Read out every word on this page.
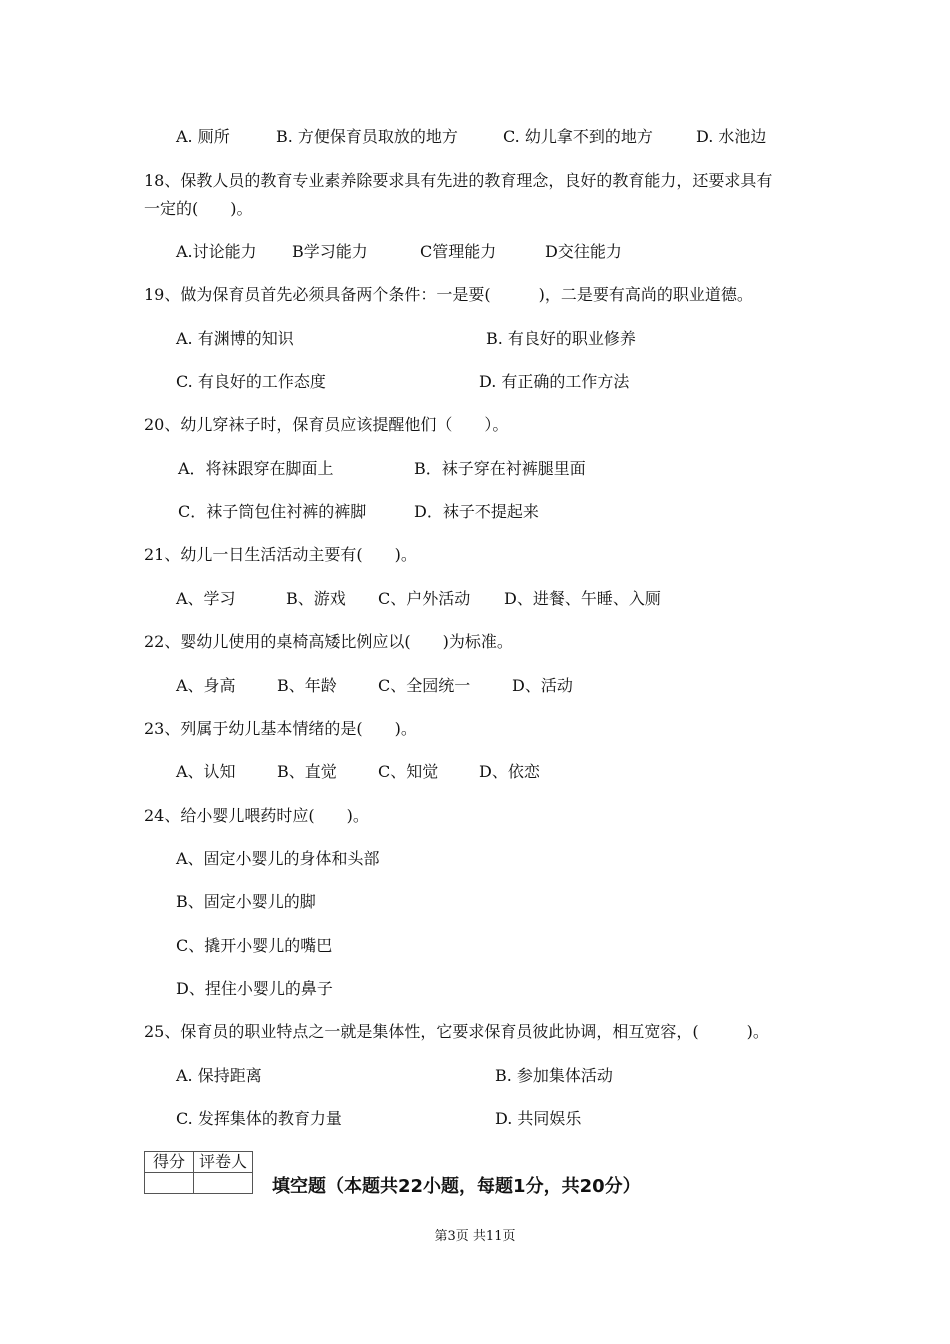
A. 厕所	B. 方便保育员取放的地方	C. 幼儿拿不到的地方	D. 水池边
18、保教人员的教育专业素养除要求具有先进的教育理念，良好的教育能力，还要求具有
一定的(　　)。
A.讨论能力 B学习能力	C管理能力	D交往能力
19、做为保育员首先必须具备两个条件：一是要(　　　)，二是要有高尚的职业道德。
A. 有渊博的知识	B. 有良好的职业修养
C. 有良好的工作态度	D. 有正确的工作方法
20、幼儿穿袜子时，保育员应该提醒他们（　　）。
A．将袜跟穿在脚面上	B．袜子穿在衬裤腿里面
C．袜子筒包住衬裤的裤脚	D．袜子不提起来
21、幼儿一日生活活动主要有(　　)。
A、学习	B、游戏 C、户外活动 D、进餐、午睡、入厕
22、婴幼儿使用的桌椅高矮比例应以(　　)为标准。
A、身高	B、年龄	C、全园统一	D、活动
23、列属于幼儿基本情绪的是(　　)。
A、认知	B、直觉	C、知觉	D、依恋
24、给小婴儿喂药时应(　　)。
A、固定小婴儿的身体和头部
B、固定小婴儿的脚
C、撬开小婴儿的嘴巴
D、捏住小婴儿的鼻子
25、保育员的职业特点之一就是集体性，它要求保育员彼此协调，相互宽容，(　　　)。
A. 保持距离	B. 参加集体活动
C. 发挥集体的教育力量	D. 共同娱乐
得分	评卷人

填空题（本题共22小题，每题1分，共20分）
第3页 共11页
